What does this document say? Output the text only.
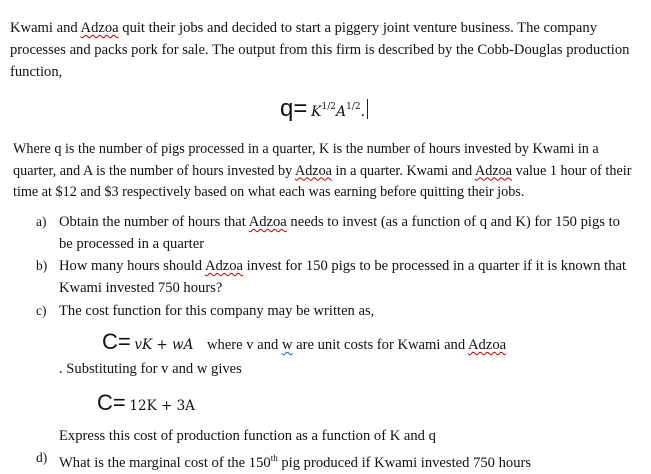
Kwami and Adzoa quit their jobs and decided to start a piggery joint venture business. The company processes and packs pork for sale. The output from this firm is described by the Cobb-Douglas production function,

$q= K^{1/2}A^{1/2}$.

Where q is the number of pigs processed in a quarter, K is the number of hours invested by Kwami in a quarter, and A is the number of hours invested by Adzoa in a quarter. Kwami and Adzoa value 1 hour of their time at $12 and $3 respectively based on what each was earning before quitting their jobs.

a) Obtain the number of hours that Adzoa needs to invest (as a function of q and K) for 150 pigs to be processed in a quarter
b) How many hours should Adzoa invest for 150 pigs to be processed in a quarter if it is known that Kwami invested 750 hours?
c) The cost function for this company may be written as,
C= vK + wA where v and w are unit costs for Kwami and Adzoa
. Substituting for v and w gives
C= 12K + 3A
Express this cost of production function as a function of K and q
d) What is the marginal cost of the 150th pig produced if Kwami invested 750 hours
